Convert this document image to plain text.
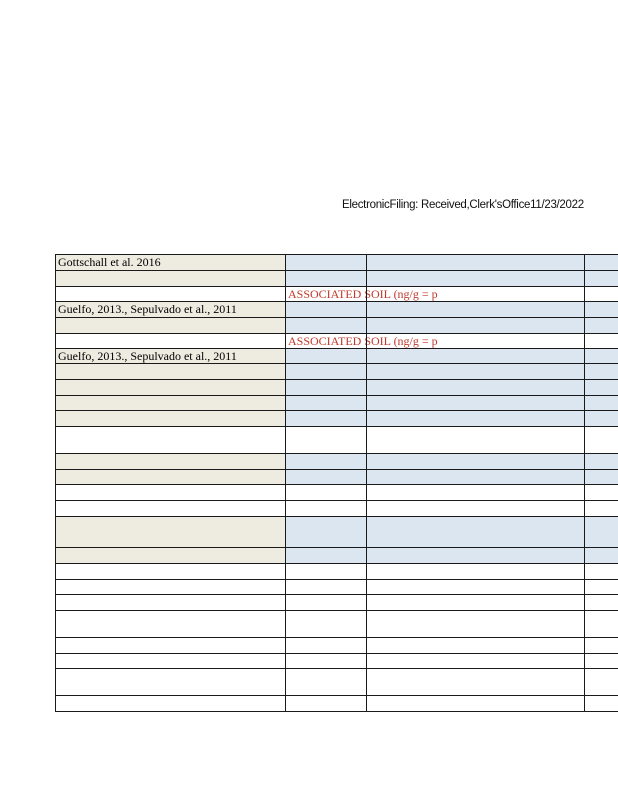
ElectronicFiling: Received,Clerk'sOffice11/23/2022
Gottschall et al. 2016
ASSOCIATED SOIL (ng/g = p
Guelfo, 2013., Sepulvado et al., 2011
ASSOCIATED SOIL (ng/g = p
Guelfo, 2013., Sepulvado et al., 2011
